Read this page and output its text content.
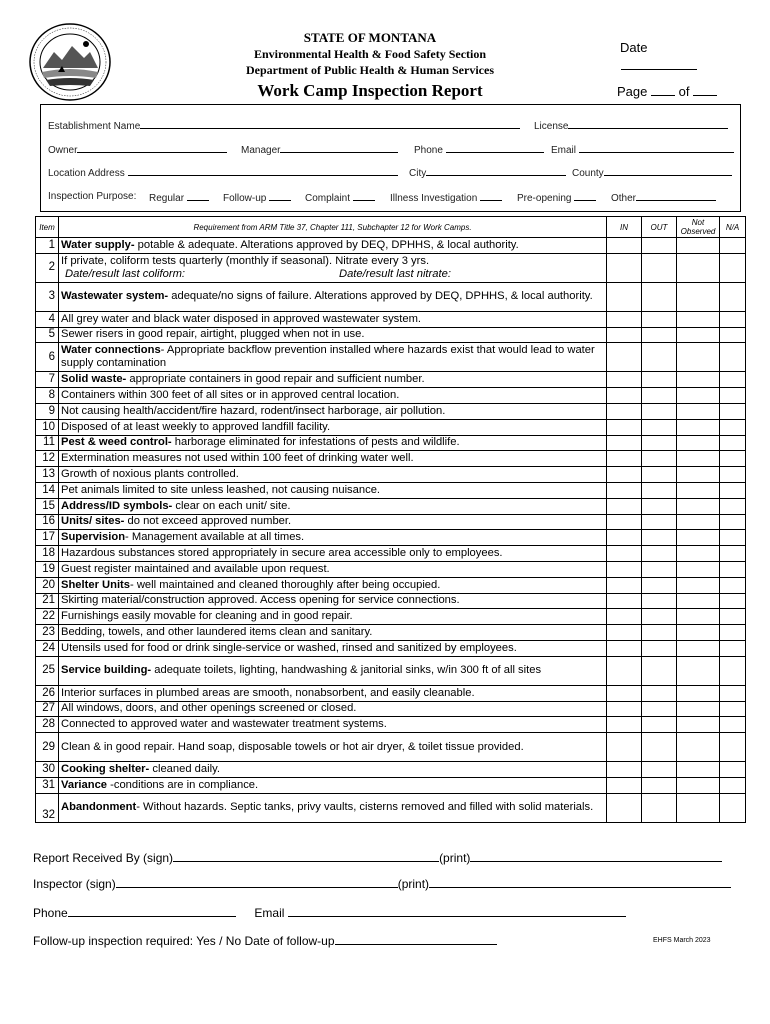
STATE OF MONTANA
Environmental Health & Food Safety Section
Department of Public Health & Human Services
Work Camp Inspection Report
Date
Page of
Establishment Name	License
Owner	Manager	Phone	Email
Location Address	City	County
Inspection Purpose: Regular	Follow-up	Complaint	Illness Investigation	Pre-opening	Other
Item	Requirement from ARM Title 37, Chapter 111, Subchapter 12 for Work Camps.	IN	OUT	Not Observed	N/A
1	Water supply- potable & adequate. Alterations approved by DEQ, DPHHS, & local authority.				
2	If private, coliform tests quarterly (monthly if seasonal). Nitrate every 3 yrs.
Date/result last coliform: Date/result last nitrate:				
3	Wastewater system- adequate/no signs of failure. Alterations approved by DEQ, DPHHS, & local authority.				
4	All grey water and black water disposed in approved wastewater system.				
5	Sewer risers in good repair, airtight, plugged when not in use.				
6	Water connections- Appropriate backflow prevention installed where hazards exist that would lead to water supply contamination				
7	Solid waste- appropriate containers in good repair and sufficient number.				
8	Containers within 300 feet of all sites or in approved central location.				
9	Not causing health/accident/fire hazard, rodent/insect harborage, air pollution.				
10	Disposed of at least weekly to approved landfill facility.				
11	Pest & weed control- harborage eliminated for infestations of pests and wildlife.				
12	Extermination measures not used within 100 feet of drinking water well.				
13	Growth of noxious plants controlled.				
14	Pet animals limited to site unless leashed, not causing nuisance.				
15	Address/ID symbols- clear on each unit/ site.				
16	Units/ sites- do not exceed approved number.				
17	Supervision- Management available at all times.				
18	Hazardous substances stored appropriately in secure area accessible only to employees.				
19	Guest register maintained and available upon request.				
20	Shelter Units- well maintained and cleaned thoroughly after being occupied.				
21	Skirting material/construction approved. Access opening for service connections.				
22	Furnishings easily movable for cleaning and in good repair.				
23	Bedding, towels, and other laundered items clean and sanitary.				
24	Utensils used for food or drink single-service or washed, rinsed and sanitized by employees.				
25	Service building- adequate toilets, lighting, handwashing & janitorial sinks, w/in 300 ft of all sites				
26	Interior surfaces in plumbed areas are smooth, nonabsorbent, and easily cleanable.				
27	All windows, doors, and other openings screened or closed.				
28	Connected to approved water and wastewater treatment systems.				
29	Clean & in good repair. Hand soap, disposable towels or hot air dryer, & toilet tissue provided.				
30	Cooking shelter- cleaned daily.				
31	Variance -conditions are in compliance.				
32	Abandonment- Without hazards. Septic tanks, privy vaults, cisterns removed and filled with solid materials.				
Report Received By (sign)	(print)
Inspector (sign)	(print)
Phone	Email
Follow-up inspection required: Yes / No Date of follow-up	EHFS March 2023
